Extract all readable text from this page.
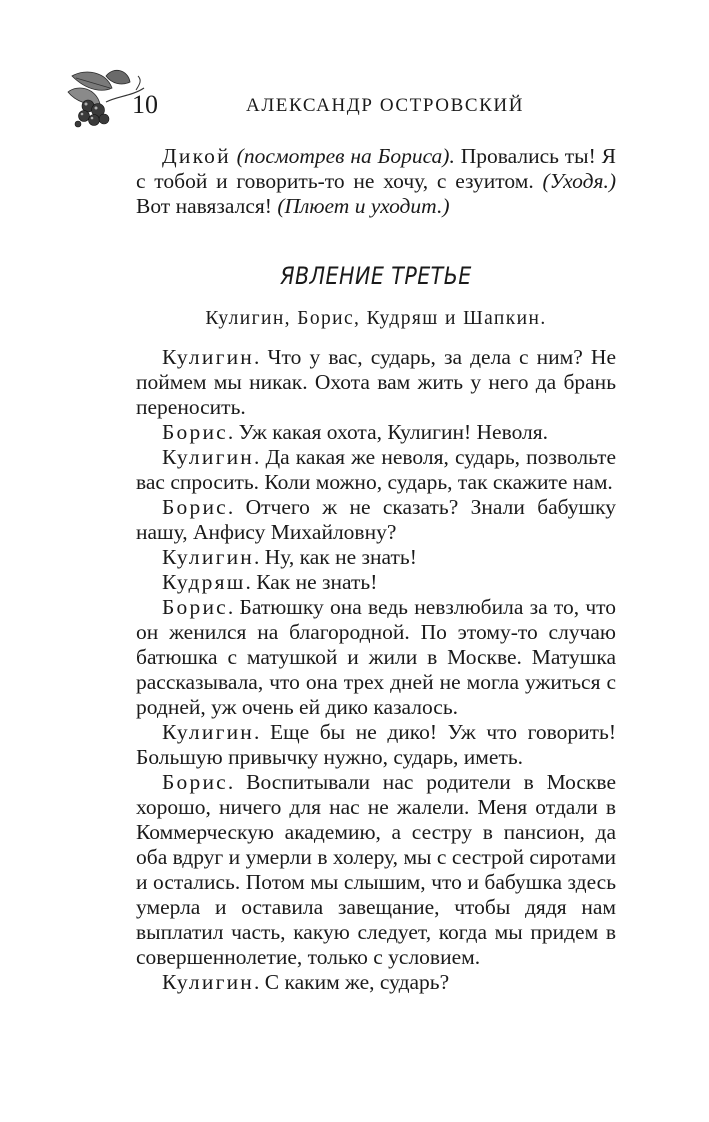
10	АЛЕКСАНДР ОСТРОВСКИЙ

Дикой (посмотрев на Бориса). Провались ты! Я с тобой и говорить-то не хочу, с езуитом. (Уходя.) Вот навязался! (Плюет и уходит.)

ЯВЛЕНИЕ ТРЕТЬЕ
Кулигин, Борис, Кудряш и Шапкин.

Кулигин. Что у вас, сударь, за дела с ним? Не поймем мы никак. Охота вам жить у него да брань переносить.

Борис. Уж какая охота, Кулигин! Неволя.

Кулигин. Да какая же неволя, сударь, позвольте вас спросить. Коли можно, сударь, так скажите нам.

Борис. Отчего ж не сказать? Знали бабушку нашу, Анфису Михайловну?

Кулигин. Ну, как не знать!

Кудряш. Как не знать!

Борис. Батюшку она ведь невзлюбила за то, что он женился на благородной. По этому-то случаю батюшка с матушкой и жили в Москве. Матушка рассказывала, что она трех дней не могла ужиться с родней, уж очень ей дико казалось.

Кулигин. Еще бы не дико! Уж что говорить! Большую привычку нужно, сударь, иметь.

Борис. Воспитывали нас родители в Москве хорошо, ничего для нас не жалели. Меня отдали в Коммерческую академию, а сестру в пансион, да оба вдруг и умерли в холеру, мы с сестрой сиротами и остались. Потом мы слышим, что и бабушка здесь умерла и оставила завещание, чтобы дядя нам выплатил часть, какую следует, когда мы придем в совершеннолетие, только с условием.

Кулигин. С каким же, сударь?
